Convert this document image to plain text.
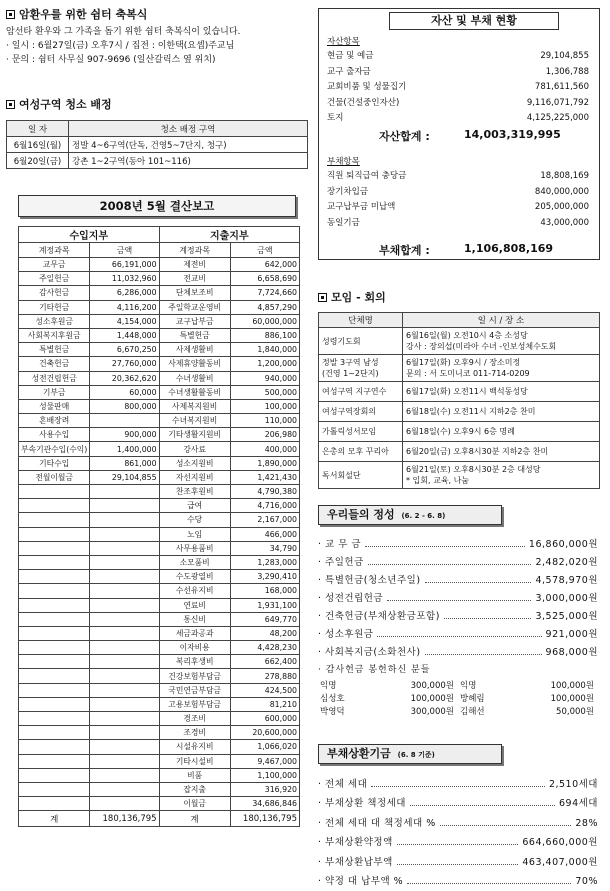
암환우를 위한 쉼터 축복식
암선타 환우와 그 가족을 돕기 위한 쉼터 축복식이 있습니다.
· 일시 : 6월27일(금) 오후7시 / 집전 : 이한택(요셉)주교님
· 문의 : 쉼터 사무실 907-9696 (일산갈릭스 옆 위치)
여성구역 청소 배정
일 자	청소 배정 구역
6월16일(월)	정발 4~6구역(단독, 건영5~7단지, 청구)
6월20일(금)	강촌 1~2구역(동아 101~116)
2008년 5월 결산보고
수입지부		지출지부	
계정과목	금액	계정과목	금액
교무금	66,191,000	제전비	642,000
주일헌금	11,032,960	전교비	6,658,690
감사헌금	6,286,000	단체보조비	7,724,660
기타헌금	4,116,200	주일학교운영비	4,857,290
성소후원금	4,154,000	교구납부금	60,000,000
사회복지후원금	1,448,000	특별헌금	886,100
특별헌금	6,670,250	사제생활비	1,840,000
건축헌금	27,760,000	사제휴양활동비	1,200,000
성전건립헌금	20,362,620	수녀생활비	940,000
기부금	60,000	수녀생활활동비	500,000
성물판매	800,000	사제복지원비	100,000
혼배장려		수녀복지원비	110,000
사용수입	900,000	기타생활지원비	206,980
부속기관수입(수익)	1,400,000	강사료	400,000
기타수입	861,000	성소지원비	1,890,000
전월이월금	29,104,855	자선지원비	1,421,430
		찬조후원비	4,790,380
		급여	4,716,000
		수당	2,167,000
		노임	466,000
		사무용품비	34,790
		소모품비	1,283,000
		수도광열비	3,290,410
		수선유지비	168,000
		연료비	1,931,100
		통신비	649,770
		세금과공과	48,200
		이자비용	4,428,230
		복리후생비	662,400
		건강보험부담금	278,880
		국민연금부담금	424,500
		고용보험부담금	81,210
		경조비	600,000
		조경비	20,600,000
		시설유지비	1,066,020
		기타시설비	9,467,000
		비품	1,100,000
		잡지출	316,920
		이월금	34,686,846
계	180,136,795	계	180,136,795
자산 및 부채 현황
자산항목
현금 및 예금	29,104,855
교구 출자금	1,306,788
교회비품 및 성물집기	781,611,560
건물(건설중인자산)	9,116,071,792
토지	4,125,225,000
자산합계 :	14,003,319,995
부채항목
직원 퇴직급여 충당금	18,808,169
장기차입금	840,000,000
교구납부금 미납액	205,000,000
동일기금	43,000,000
부채합계 :	1,106,808,169
모임 - 회의
단체명	일 시 / 장 소
성령기도회	6월16일(월) 오전10시 4층 소성당
강사 : 장의섭(미라아 수녀 -인보성체수도회
정발 3구역 남성
(건영 1~2단지)	6월17일(화) 오후9시 / 장소미정
문의 : 서 도미니코 011-714-0209
여성구역 지구연수	6월17일(화) 오전11시 백석동성당
여성구역장회의	6월18일(수) 오전11시 지하2층 찬미
가톨릭성서모임	6월18일(수) 오후9시 6층 명례
은총의 모후 꾸리아	6월20일(금) 오후8시30분 지하2층 찬미
독서회설단	6월21일(토) 오후8시30분 2층 대성당
* 입회, 교육, 나눔
우리들의 정성 (6. 2 - 6. 8)
· 교 무 금	16,860,000원
· 주일헌금	2,482,020원
· 특별헌금(청소년주일)	4,578,970원
· 성전건립헌금	3,000,000원
· 건축헌금(부채상환금포함)	3,525,000원
· 성소후원금	921,000원
· 사회복지금(소화천사)	968,000원
· 감사헌금 봉헌하신 분들
익명	300,000원 익명	100,000원
심성호	100,000원 방혜림	100,000원
박영덕	300,000원 김해선	50,000원
부채상환기금 (6. 8 기준)
· 전체 세대	2,510세대
· 부채상환 책정세대	694세대
· 전체 세대 대 책정세대 %	28%
· 부채상환약정액	664,660,000원
· 부채상환납부액	463,407,000원
· 약정 대 납부액 %	70%
